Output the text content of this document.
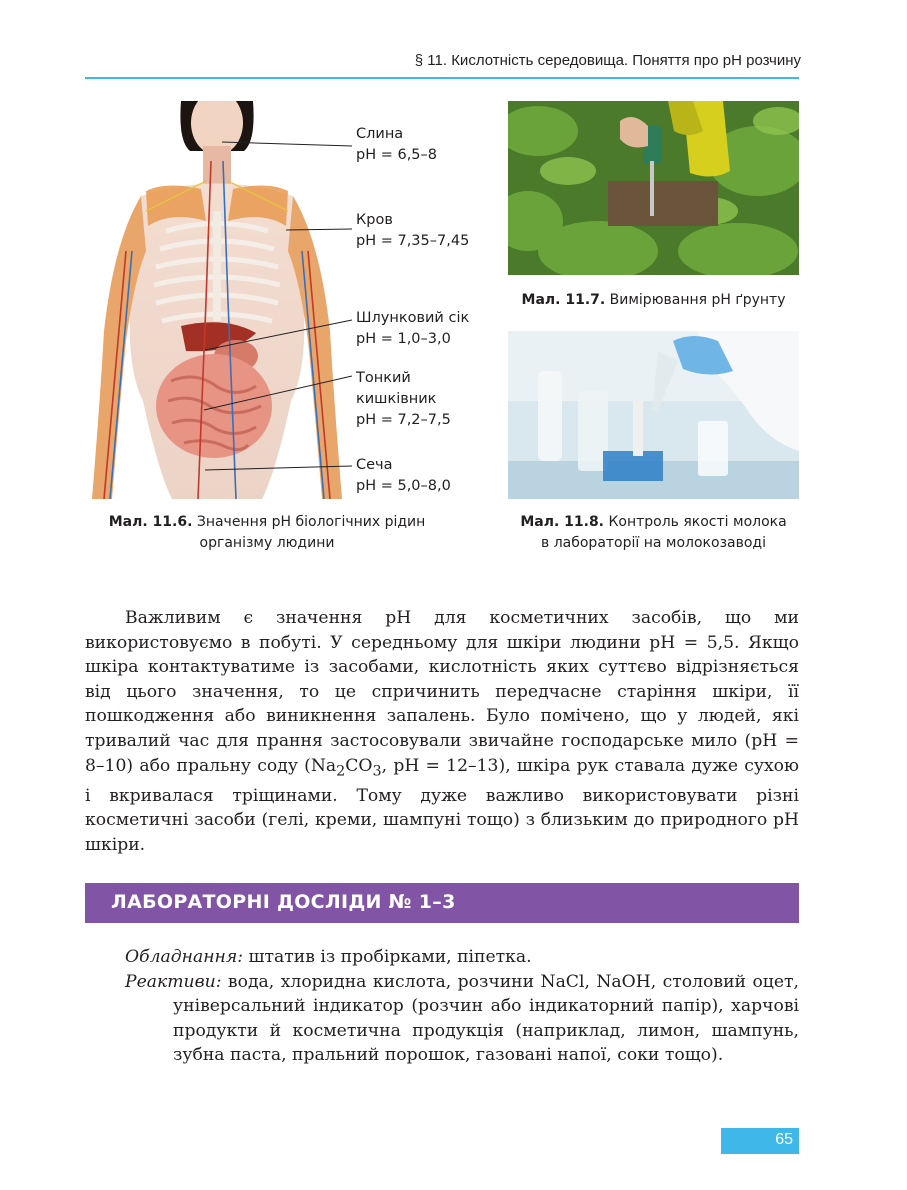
§ 11. Кислотність середовища. Поняття про pH розчину
Слина
pH = 6,5–8
Кров
pH = 7,35–7,45
Шлунковий сік
pH = 1,0–3,0
Тонкий
кишківник
pH = 7,2–7,5
Сеча
pH = 5,0–8,0
Мал. 11.6. Значення pH біологічних рідин
організму людини
Мал. 11.7. Вимірювання pH ґрунту
Мал. 11.8. Контроль якості молока
в лабораторії на молокозаводі

Важливим є значення pH для косметичних засобів, що ми використовуємо в побуті. У середньому для шкіри людини pH = 5,5. Якщо шкіра контактуватиме із засобами, кислотність яких суттєво відрізняється від цього значення, то це спричинить передчасне старіння шкіри, її пошкодження або виникнення запалень. Було помічено, що у людей, які тривалий час для прання застосовували звичайне господарське мило (pH = 8–10) або пральну соду ($Na_2CO_3$, pH = 12–13), шкіра рук ставала дуже сухою і вкривалася тріщинами. Тому дуже важливо використовувати різні косметичні засоби (гелі, креми, шампуні тощо) з близьким до природного pH шкіри.

ЛАБОРАТОРНІ ДОСЛІДИ № 1–3
Обладнання: штатив із пробірками, піпетка.
Реактиви: вода, хлоридна кислота, розчини NaCl, NaOH, столовий оцет, універсальний індикатор (розчин або індикаторний папір), харчові продукти й косметична продукція (наприклад, лимон, шампунь, зубна паста, пральний порошок, газовані напої, соки тощо).
65
